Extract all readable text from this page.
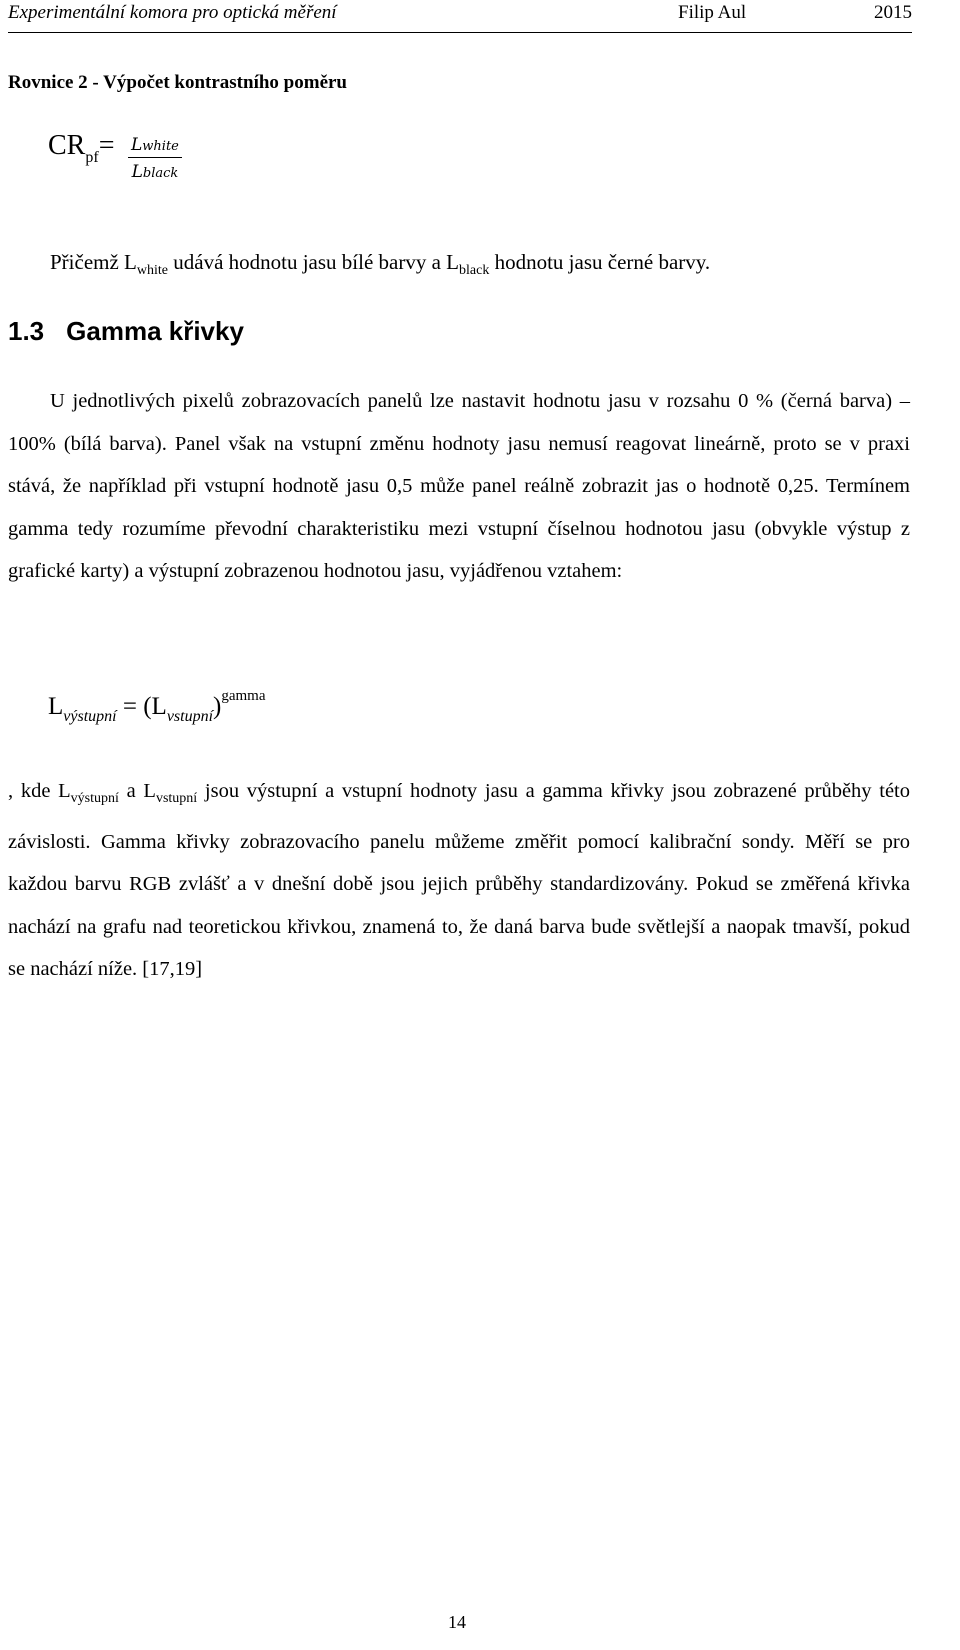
Experimentální komora pro optická měření	Filip Aul	2015
Rovnice 2 - Výpočet kontrastního poměru
$CR_{pf}=$ Lwhite
Lblack
Přičemž $L_{white}$ udává hodnotu jasu bílé barvy a $L_{black}$ hodnotu jasu černé barvy.
1.3 Gamma křivky

U jednotlivých pixelů zobrazovacích panelů lze nastavit hodnotu jasu v rozsahu 0 % (černá barva) – 100% (bílá barva). Panel však na vstupní změnu hodnoty jasu nemusí reagovat lineárně, proto se v praxi stává, že například při vstupní hodnotě jasu 0,5 může panel reálně zobrazit jas o hodnotě 0,25. Termínem gamma tedy rozumíme převodní charakteristiku mezi vstupní číselnou hodnotou jasu (obvykle výstup z grafické karty) a výstupní zobrazenou hodnotou jasu, vyjádřenou vztahem:

$L_{výstupní} = (L_{vstupní})^{gamma}$

, kde $L_{výstupní}$ a $L_{vstupní}$ jsou výstupní a vstupní hodnoty jasu a gamma křivky jsou zobrazené průběhy této závislosti. Gamma křivky zobrazovacího panelu můžeme změřit pomocí kalibrační sondy. Měří se pro každou barvu RGB zvlášť a v dnešní době jsou jejich průběhy standardizovány. Pokud se změřená křivka nachází na grafu nad teoretickou křivkou, znamená to, že daná barva bude světlejší a naopak tmavší, pokud se nachází níže. [17,19]

14
